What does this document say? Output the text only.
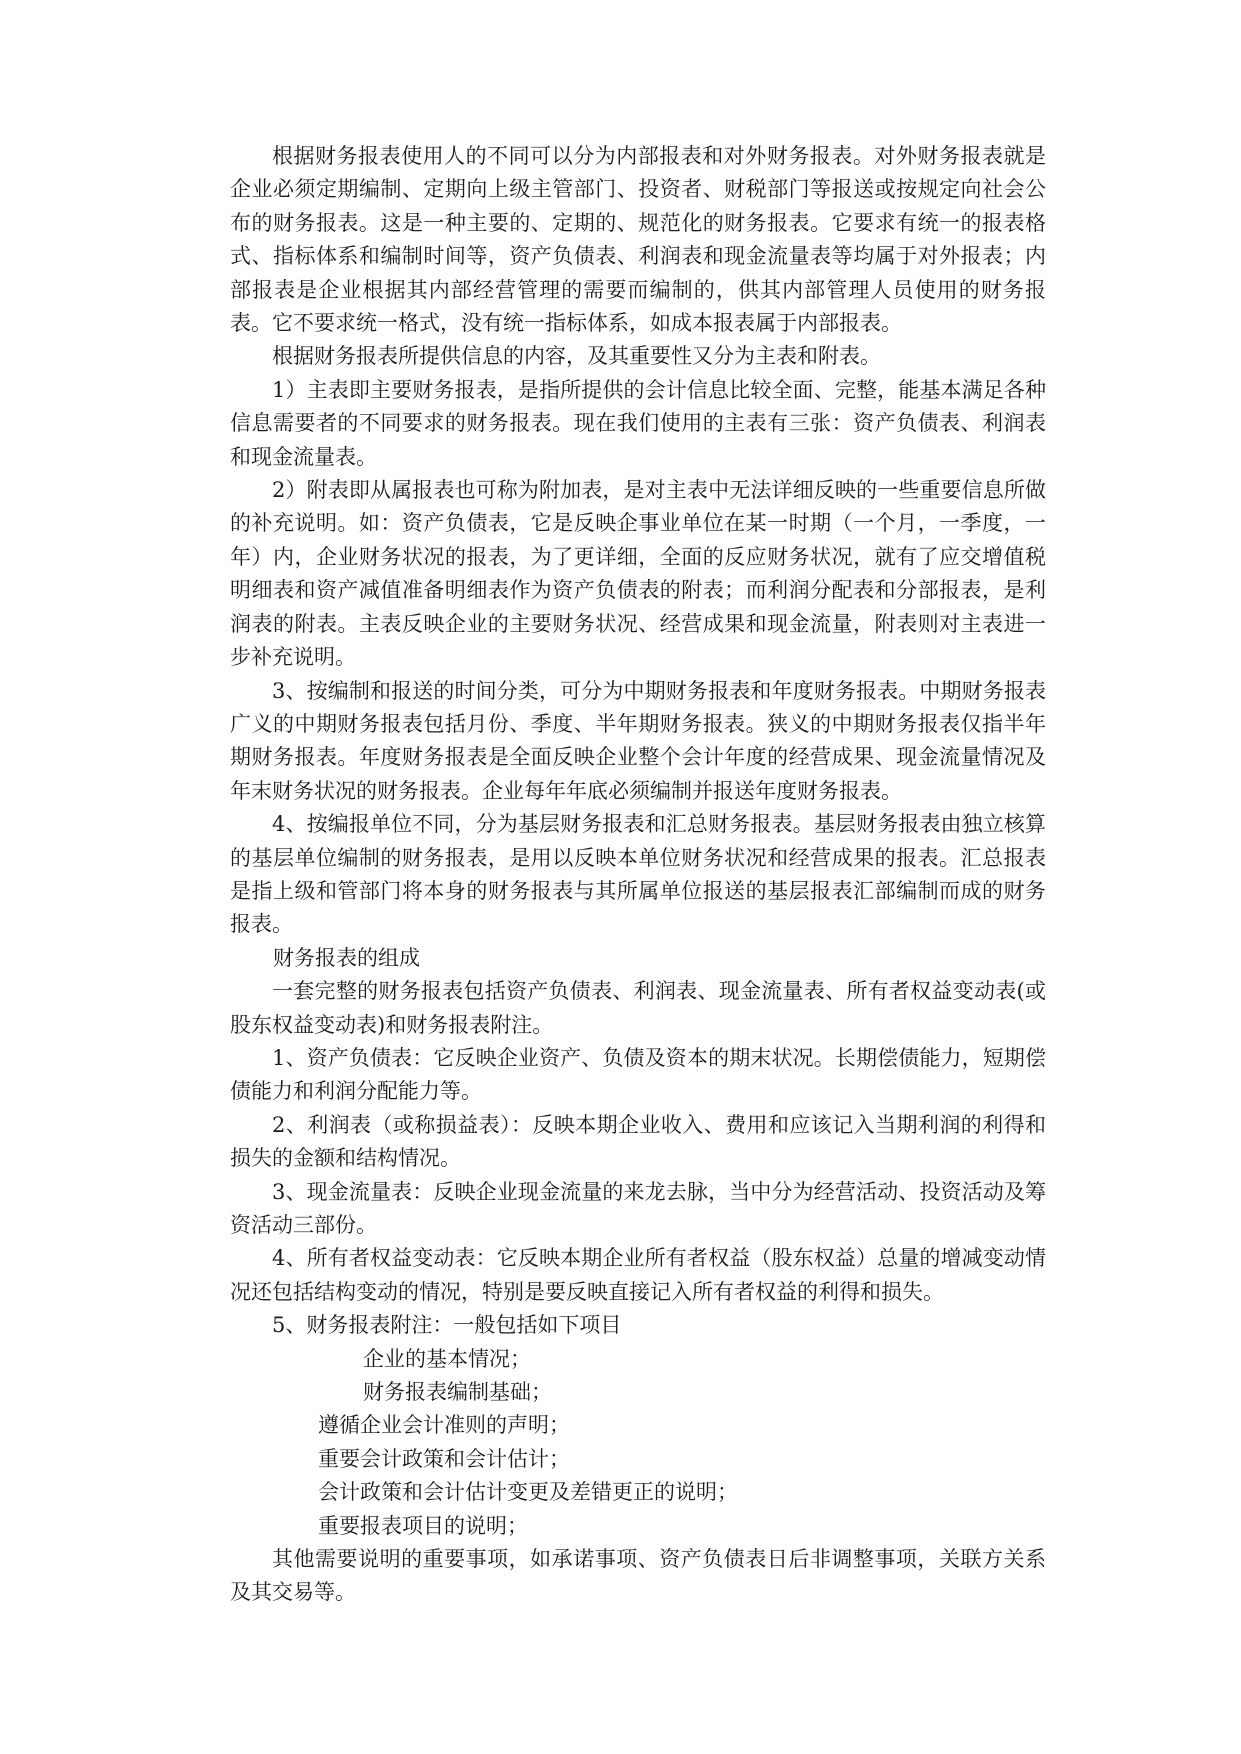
根据财务报表使用人的不同可以分为内部报表和对外财务报表。对外财务报表就是企业必须定期编制、定期向上级主管部门、投资者、财税部门等报送或按规定向社会公布的财务报表。这是一种主要的、定期的、规范化的财务报表。它要求有统一的报表格式、指标体系和编制时间等，资产负债表、利润表和现金流量表等均属于对外报表；内部报表是企业根据其内部经营管理的需要而编制的，供其内部管理人员使用的财务报表。它不要求统一格式，没有统一指标体系，如成本报表属于内部报表。

根据财务报表所提供信息的内容，及其重要性又分为主表和附表。

1）主表即主要财务报表，是指所提供的会计信息比较全面、完整，能基本满足各种信息需要者的不同要求的财务报表。现在我们使用的主表有三张：资产负债表、利润表和现金流量表。

2）附表即从属报表也可称为附加表，是对主表中无法详细反映的一些重要信息所做的补充说明。如：资产负债表，它是反映企事业单位在某一时期（一个月，一季度，一年）内，企业财务状况的报表，为了更详细，全面的反应财务状况，就有了应交增值税明细表和资产减值准备明细表作为资产负债表的附表；而利润分配表和分部报表，是利润表的附表。主表反映企业的主要财务状况、经营成果和现金流量，附表则对主表进一步补充说明。

3、按编制和报送的时间分类，可分为中期财务报表和年度财务报表。中期财务报表广义的中期财务报表包括月份、季度、半年期财务报表。狭义的中期财务报表仅指半年期财务报表。年度财务报表是全面反映企业整个会计年度的经营成果、现金流量情况及年末财务状况的财务报表。企业每年年底必须编制并报送年度财务报表。

4、按编报单位不同，分为基层财务报表和汇总财务报表。基层财务报表由独立核算的基层单位编制的财务报表，是用以反映本单位财务状况和经营成果的报表。汇总报表是指上级和管部门将本身的财务报表与其所属单位报送的基层报表汇部编制而成的财务报表。

财务报表的组成

一套完整的财务报表包括资产负债表、利润表、现金流量表、所有者权益变动表(或股东权益变动表)和财务报表附注。

1、资产负债表：它反映企业资产、负债及资本的期末状况。长期偿债能力，短期偿债能力和利润分配能力等。

2、利润表（或称损益表）：反映本期企业收入、费用和应该记入当期利润的利得和损失的金额和结构情况。

3、现金流量表：反映企业现金流量的来龙去脉，当中分为经营活动、投资活动及筹资活动三部份。

4、所有者权益变动表：它反映本期企业所有者权益（股东权益）总量的增减变动情况还包括结构变动的情况，特别是要反映直接记入所有者权益的利得和损失。

5、财务报表附注：一般包括如下项目

企业的基本情况；

财务报表编制基础；

遵循企业会计准则的声明；

重要会计政策和会计估计；

会计政策和会计估计变更及差错更正的说明；

重要报表项目的说明；

其他需要说明的重要事项，如承诺事项、资产负债表日后非调整事项，关联方关系及其交易等。
